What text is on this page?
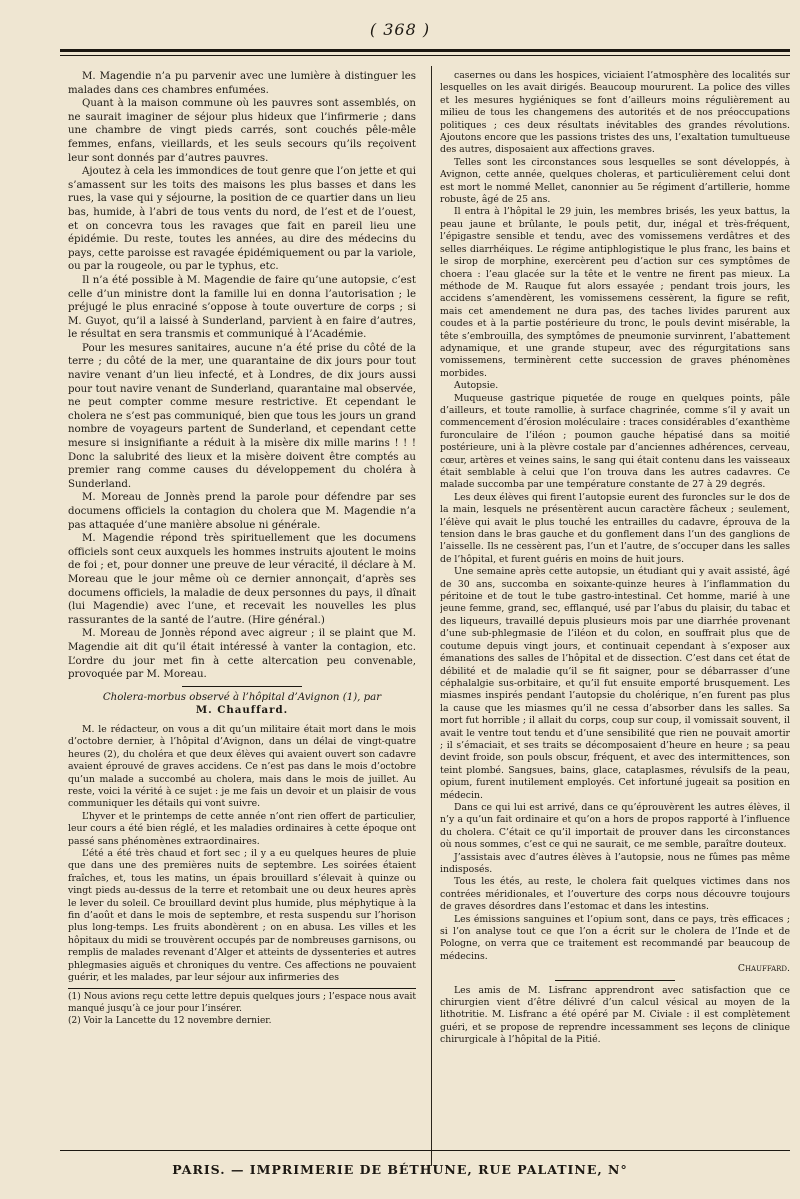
( 368 )

M. Magendie n’a pu parvenir avec une lumière à distinguer les malades dans ces chambres enfumées.

Quant à la maison commune où les pauvres sont assemblés, on ne saurait imaginer de séjour plus hideux que l’infirmerie ; dans une chambre de vingt pieds carrés, sont couchés pêle-mêle femmes, enfans, vieillards, et les seuls secours qu’ils reçoivent leur sont donnés par d’autres pauvres.

Ajoutez à cela les immondices de tout genre que l’on jette et qui s’amassent sur les toits des maisons les plus basses et dans les rues, la vase qui y séjourne, la position de ce quartier dans un lieu bas, humide, à l’abri de tous vents du nord, de l’est et de l’ouest, et on concevra tous les ravages que fait en pareil lieu une épidémie. Du reste, toutes les années, au dire des médecins du pays, cette paroisse est ravagée épidémiquement ou par la variole, ou par la rougeole, ou par le typhus, etc.

Il n’a été possible à M. Magendie de faire qu’une autopsie, c’est celle d’un ministre dont la famille lui en donna l’autorisation ; le préjugé le plus enraciné s’oppose à toute ouverture de corps ; si M. Guyot, qu’il a laissé à Sunderland, parvient à en faire d’autres, le résultat en sera transmis et communiqué à l’Académie.

Pour les mesures sanitaires, aucune n’a été prise du côté de la terre ; du côté de la mer, une quarantaine de dix jours pour tout navire venant d’un lieu infecté, et à Londres, de dix jours aussi pour tout navire venant de Sunderland, quarantaine mal observée, ne peut compter comme mesure restrictive. Et cependant le cholera ne s’est pas communiqué, bien que tous les jours un grand nombre de voyageurs partent de Sunderland, et cependant cette mesure si insignifiante a réduit à la misère dix mille marins ! ! ! Donc la salubrité des lieux et la misère doivent être comptés au premier rang comme causes du développement du choléra à Sunderland.

M. Moreau de Jonnès prend la parole pour défendre par ses documens officiels la contagion du cholera que M. Magendie n’a pas attaquée d’une manière absolue ni générale.

M. Magendie répond très spirituellement que les documens officiels sont ceux auxquels les hommes instruits ajoutent le moins de foi ; et, pour donner une preuve de leur véracité, il déclare à M. Moreau que le jour même où ce dernier annonçait, d’après ses documens officiels, la maladie de deux personnes du pays, il dînait (lui Magendie) avec l’une, et recevait les nouvelles les plus rassurantes de la santé de l’autre. (Hire général.)

M. Moreau de Jonnès répond avec aigreur ; il se plaint que M. Magendie ait dit qu’il était intéressé à vanter la contagion, etc. L’ordre du jour met fin à cette altercation peu convenable, provoquée par M. Moreau.

Cholera-morbus observé à l’hôpital d’Avignon (1), par
M. Chauffard.

M. le rédacteur, on vous a dit qu’un militaire était mort dans le mois d’octobre dernier, à l’hôpital d’Avignon, dans un délai de vingt-quatre heures (2), du choléra et que deux élèves qui avaient ouvert son cadavre avaient éprouvé de graves accidens. Ce n’est pas dans le mois d’octobre qu’un malade a succombé au cholera, mais dans le mois de juillet. Au reste, voici la vérité à ce sujet : je me fais un devoir et un plaisir de vous communiquer les détails qui vont suivre.

L’hyver et le printemps de cette année n’ont rien offert de particulier, leur cours a été bien réglé, et les maladies ordinaires à cette époque ont passé sans phénomènes extraordinaires.

L’été a été très chaud et fort sec ; il y a eu quelques heures de pluie que dans une des premières nuits de septembre. Les soirées étaient fraîches, et, tous les matins, un épais brouillard s’élevait à quinze ou vingt pieds au-dessus de la terre et retombait une ou deux heures après le lever du soleil. Ce brouillard devint plus humide, plus méphytique à la fin d’août et dans le mois de septembre, et resta suspendu sur l’horison plus long-temps. Les fruits abondèrent ; on en abusa. Les villes et les hôpitaux du midi se trouvèrent occupés par de nombreuses garnisons, ou remplis de malades revenant d’Alger et atteints de dyssenteries et autres phlegmasies aiguës et chroniques du ventre. Ces affections ne pouvaient guérir, et les malades, par leur séjour aux infirmeries des

(1) Nous avions reçu cette lettre depuis quelques jours ; l’espace nous avait manqué jusqu’à ce jour pour l’insérer.

(2) Voir la Lancette du 12 novembre dernier.

casernes ou dans les hospices, viciaient l’atmosphère des localités sur lesquelles on les avait dirigés. Beaucoup moururent. La police des villes et les mesures hygiéniques se font d’ailleurs moins régulièrement au milieu de tous les changemens des autorités et de nos préoccupations politiques ; ces deux résultats inévitables des grandes révolutions. Ajoutons encore que les passions tristes des uns, l’exaltation tumultueuse des autres, disposaient aux affections graves.

Telles sont les circonstances sous lesquelles se sont développés, à Avignon, cette année, quelques choleras, et particulièrement celui dont est mort le nommé Mellet, canonnier au 5e régiment d’artillerie, homme robuste, âgé de 25 ans.

Il entra à l’hôpital le 29 juin, les membres brisés, les yeux battus, la peau jaune et brûlante, le pouls petit, dur, inégal et très-fréquent, l’épigastre sensible et tendu, avec des vomissemens verdâtres et des selles diarrhéiques. Le régime antiphlogistique le plus franc, les bains et le sirop de morphine, exercèrent peu d’action sur ces symptômes de choera : l’eau glacée sur la tête et le ventre ne firent pas mieux. La méthode de M. Rauque fut alors essayée ; pendant trois jours, les accidens s’amendèrent, les vomissemens cessèrent, la figure se refit, mais cet amendement ne dura pas, des taches livides parurent aux coudes et à la partie postérieure du tronc, le pouls devint misérable, la tête s’embrouilla, des symptômes de pneumonie survinrent, l’abattement adynamique, et une grande stupeur, avec des régurgitations sans vomissemens, terminèrent cette succession de graves phénomènes morbides.

Autopsie.

Muqueuse gastrique piquetée de rouge en quelques points, pâle d’ailleurs, et toute ramollie, à surface chagrinée, comme s’il y avait un commencement d’érosion moléculaire : traces considérables d’exanthème furonculaire de l’iléon ; poumon gauche hépatisé dans sa moitié postérieure, uni à la plèvre costale par d’anciennes adhérences, cerveau, cœur, artères et veines sains, le sang qui était contenu dans les vaisseaux était semblable à celui que l’on trouva dans les autres cadavres. Ce malade succomba par une température constante de 27 à 29 degrés.

Les deux élèves qui firent l’autopsie eurent des furoncles sur le dos de la main, lesquels ne présentèrent aucun caractère fâcheux ; seulement, l’élève qui avait le plus touché les entrailles du cadavre, éprouva de la tension dans le bras gauche et du gonflement dans l’un des ganglions de l’aisselle. Ils ne cessèrent pas, l’un et l’autre, de s’occuper dans les salles de l’hôpital, et furent guéris en moins de huit jours.

Une semaine après cette autopsie, un étudiant qui y avait assisté, âgé de 30 ans, succomba en soixante-quinze heures à l’inflammation du péritoine et de tout le tube gastro-intestinal. Cet homme, marié à une jeune femme, grand, sec, efflanqué, usé par l’abus du plaisir, du tabac et des liqueurs, travaillé depuis plusieurs mois par une diarrhée provenant d’une sub-phlegmasie de l’iléon et du colon, en souffrait plus que de coutume depuis vingt jours, et continuait cependant à s’exposer aux émanations des salles de l’hôpital et de dissection. C’est dans cet état de débilité et de maladie qu’il se fit saigner, pour se débarrasser d’une céphalalgie sus-orbitaire, et qu’il fut ensuite emporté brusquement. Les miasmes inspirés pendant l’autopsie du cholérique, n’en furent pas plus la cause que les miasmes qu’il ne cessa d’absorber dans les salles. Sa mort fut horrible ; il allait du corps, coup sur coup, il vomissait souvent, il avait le ventre tout tendu et d’une sensibilité que rien ne pouvait amortir ; il s’émaciait, et ses traits se décomposaient d’heure en heure ; sa peau devint froide, son pouls obscur, fréquent, et avec des intermittences, son teint plombé. Sangsues, bains, glace, cataplasmes, révulsifs de la peau, opium, furent inutilement employés. Cet infortuné jugeait sa position en médecin.

Dans ce qui lui est arrivé, dans ce qu’éprouvèrent les autres élèves, il n’y a qu’un fait ordinaire et qu’on a hors de propos rapporté à l’influence du cholera. C’était ce qu’il importait de prouver dans les circonstances où nous sommes, c’est ce qui ne saurait, ce me semble, paraître douteux.

J’assistais avec d’autres élèves à l’autopsie, nous ne fûmes pas même indisposés.

Tous les étés, au reste, le cholera fait quelques victimes dans nos contrées méridionales, et l’ouverture des corps nous découvre toujours de graves désordres dans l’estomac et dans les intestins.

Les émissions sanguines et l’opium sont, dans ce pays, très efficaces ; si l’on analyse tout ce que l’on a écrit sur le cholera de l’Inde et de Pologne, on verra que ce traitement est recommandé par beaucoup de médecins.

Chauffard.

Les amis de M. Lisfranc apprendront avec satisfaction que ce chirurgien vient d’être délivré d’un calcul vésical au moyen de la lithotritie. M. Lisfranc a été opéré par M. Civiale : il est complètement guéri, et se propose de reprendre incessamment ses leçons de clinique chirurgicale à l’hôpital de la Pitié.

PARIS. — IMPRIMERIE DE BÉTHUNE, RUE PALATINE, N°
